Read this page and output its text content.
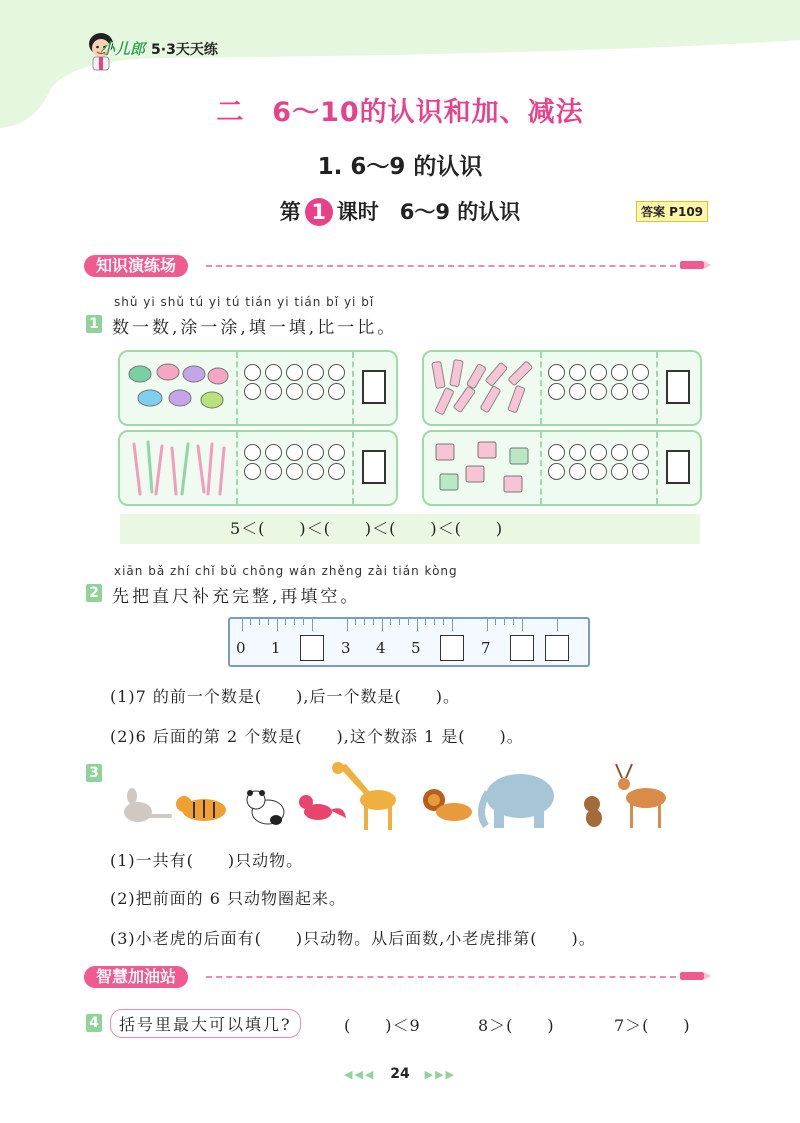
小儿郎 5·3天天练
二　6～10的认识和加、减法
1. 6～9 的认识
第 1 课时　6～9 的认识	答案 P109
知识演练场
shǔ yi shǔ tú yi tú tián yi tián bǐ yi bǐ
1 数一数,涂一涂,填一填,比一比。
5＜(　　)＜(　　)＜(　　)＜(　　)
xiān bǎ zhí chǐ bǔ chōng wán zhěng zài tián kòng
2 先把直尺补充完整,再填空。
0 1	3 4 5	7
(1)7 的前一个数是(　　),后一个数是(　　)。
(2)6 后面的第 2 个数是(　　),这个数添 1 是(　　)。
3
(1)一共有(　　)只动物。
(2)把前面的 6 只动物圈起来。
(3)小老虎的后面有(　　)只动物。从后面数,小老虎排第(　　)。
智慧加油站
4	括号里最大可以填几?	(　　)＜9	8＞(　　)	7＞(　　)
◀◀◀ 24 ▶▶▶
